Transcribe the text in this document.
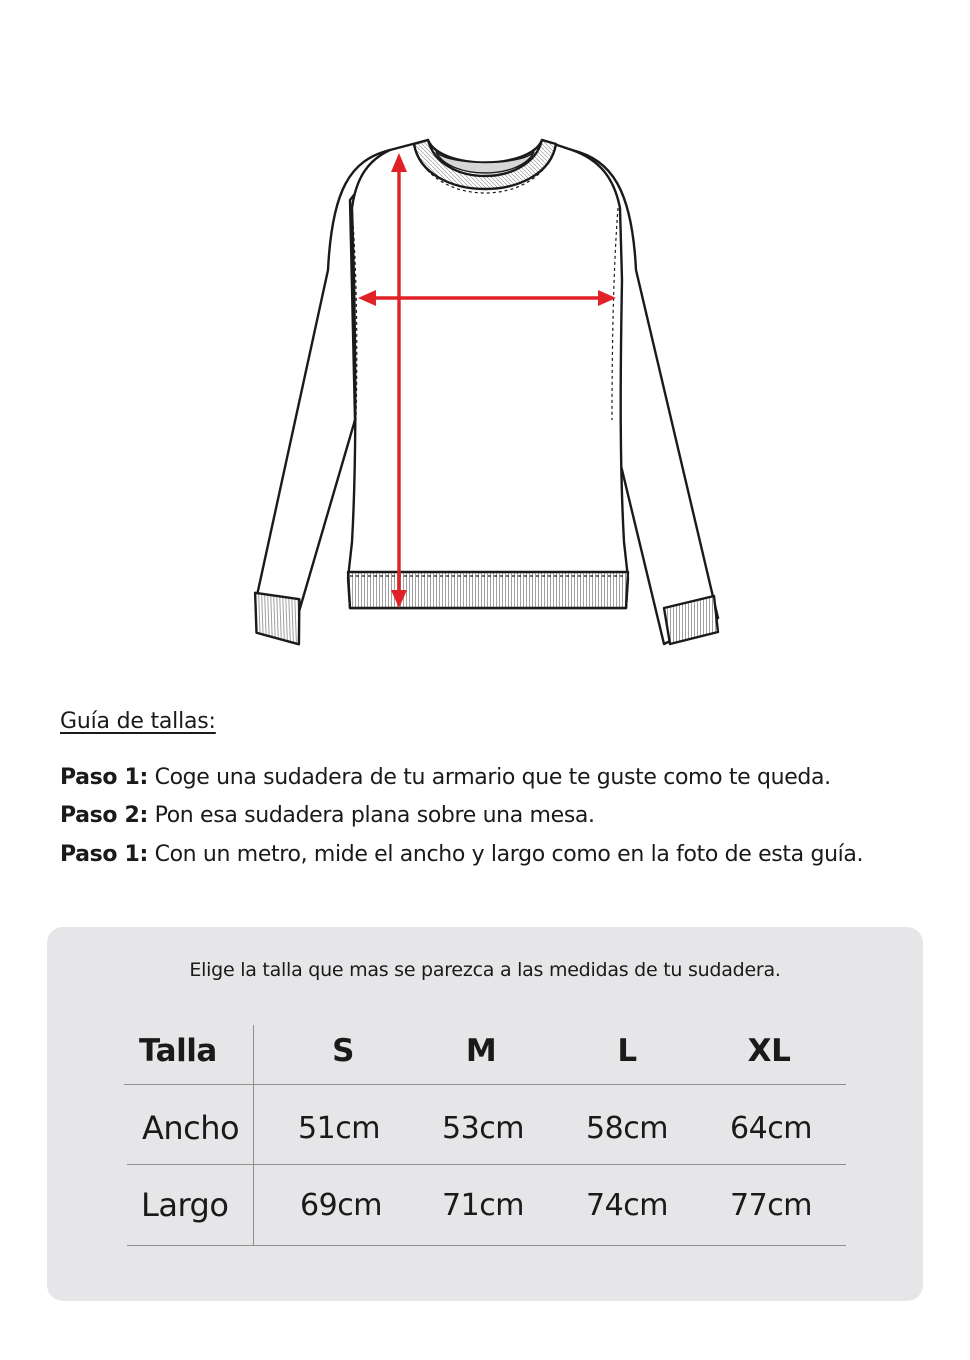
Guía de tallas:
Paso 1: Coge una sudadera de tu armario que te guste como te queda.
Paso 2: Pon esa sudadera plana sobre una mesa.
Paso 1: Con un metro, mide el ancho y largo como en la foto de esta guía.
Elige la talla que mas se parezca a las medidas de tu sudadera.
Talla	S	M	L	XL
Ancho	51cm	53cm	58cm	64cm
Largo	69cm	71cm	74cm	77cm
